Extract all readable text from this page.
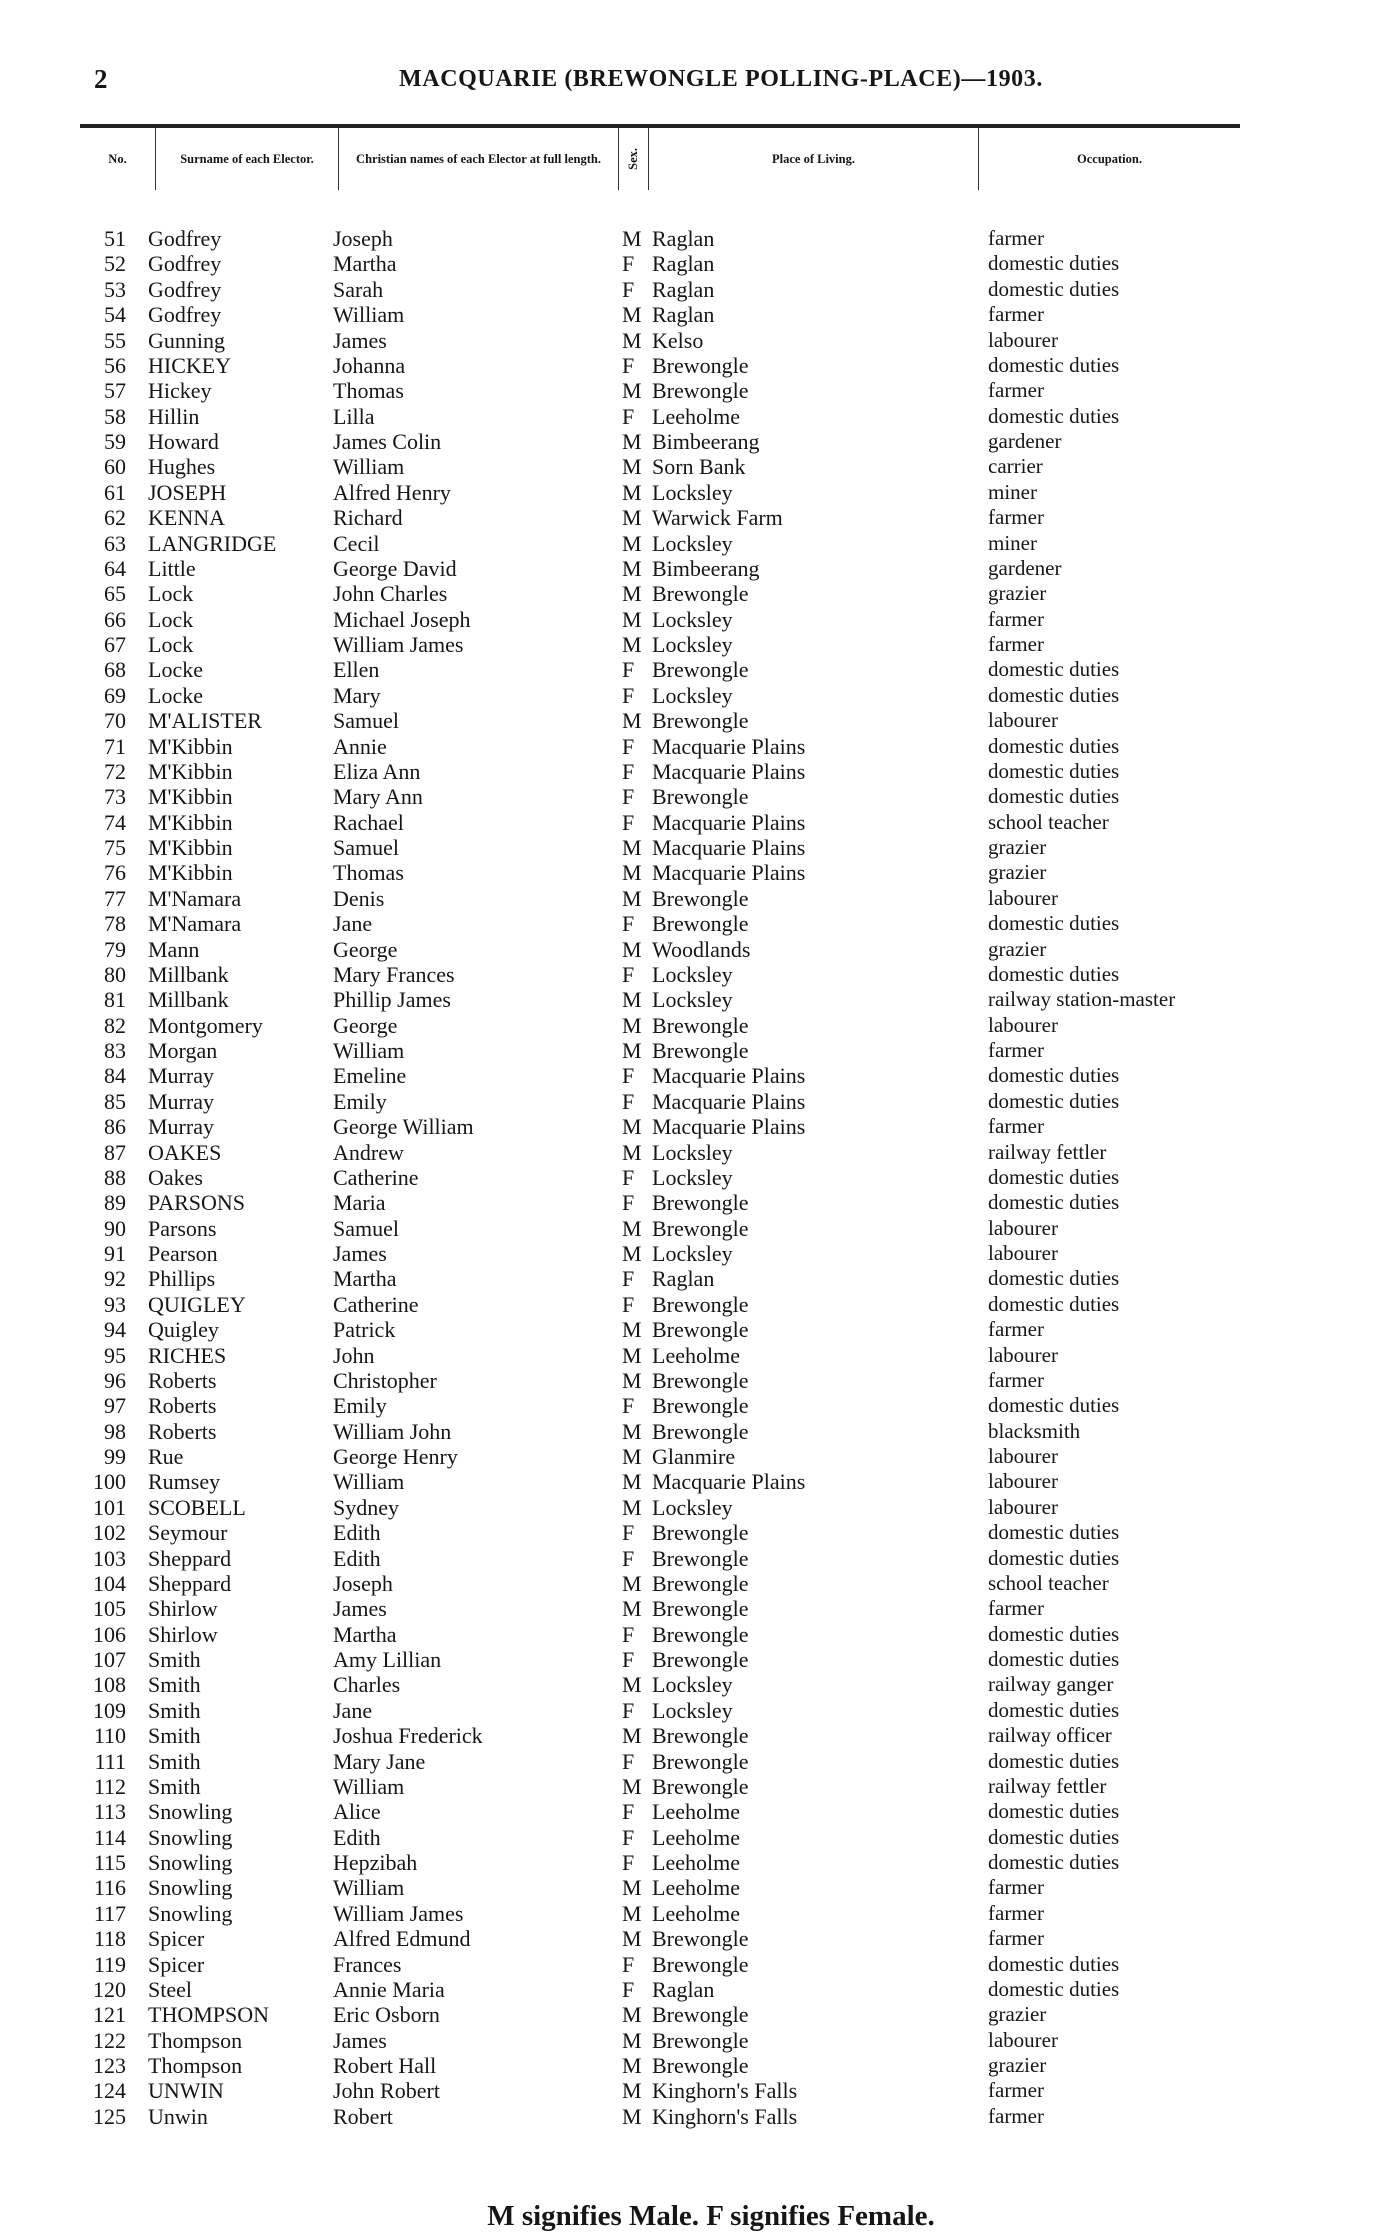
2	MACQUARIE (BREWONGLE POLLING-PLACE)—1903.
No.	Surname of each Elector.	Christian names of each Elector at full length.	Sex.	Place of Living.	Occupation.
51 Godfrey	Joseph	M Raglan	farmer
52 Godfrey	Martha	F Raglan	domestic duties
53 Godfrey	Sarah	F Raglan	domestic duties
54 Godfrey	William	M Raglan	farmer
55 Gunning	James	M Kelso	labourer
56 HICKEY	Johanna	F Brewongle	domestic duties
57 Hickey	Thomas	M Brewongle	farmer
58 Hillin	Lilla	F Leeholme	domestic duties
59 Howard	James Colin	M Bimbeerang	gardener
60 Hughes	William	M Sorn Bank	carrier
61 JOSEPH	Alfred Henry	M Locksley	miner
62 KENNA	Richard	M Warwick Farm	farmer
63 LANGRIDGE	Cecil	M Locksley	miner
64 Little	George David	M Bimbeerang	gardener
65 Lock	John Charles	M Brewongle	grazier
66 Lock	Michael Joseph	M Locksley	farmer
67 Lock	William James	M Locksley	farmer
68 Locke	Ellen	F Brewongle	domestic duties
69 Locke	Mary	F Locksley	domestic duties
70 M'ALISTER	Samuel	M Brewongle	labourer
71 M'Kibbin	Annie	F Macquarie Plains	domestic duties
72 M'Kibbin	Eliza Ann	F Macquarie Plains	domestic duties
73 M'Kibbin	Mary Ann	F Brewongle	domestic duties
74 M'Kibbin	Rachael	F Macquarie Plains	school teacher
75 M'Kibbin	Samuel	M Macquarie Plains	grazier
76 M'Kibbin	Thomas	M Macquarie Plains	grazier
77 M'Namara	Denis	M Brewongle	labourer
78 M'Namara	Jane	F Brewongle	domestic duties
79 Mann	George	M Woodlands	grazier
80 Millbank	Mary Frances	F Locksley	domestic duties
81 Millbank	Phillip James	M Locksley	railway station-master
82 Montgomery	George	M Brewongle	labourer
83 Morgan	William	M Brewongle	farmer
84 Murray	Emeline	F Macquarie Plains	domestic duties
85 Murray	Emily	F Macquarie Plains	domestic duties
86 Murray	George William	M Macquarie Plains	farmer
87 OAKES	Andrew	M Locksley	railway fettler
88 Oakes	Catherine	F Locksley	domestic duties
89 PARSONS	Maria	F Brewongle	domestic duties
90 Parsons	Samuel	M Brewongle	labourer
91 Pearson	James	M Locksley	labourer
92 Phillips	Martha	F Raglan	domestic duties
93 QUIGLEY	Catherine	F Brewongle	domestic duties
94 Quigley	Patrick	M Brewongle	farmer
95 RICHES	John	M Leeholme	labourer
96 Roberts	Christopher	M Brewongle	farmer
97 Roberts	Emily	F Brewongle	domestic duties
98 Roberts	William John	M Brewongle	blacksmith
99 Rue	George Henry	M Glanmire	labourer
100 Rumsey	William	M Macquarie Plains	labourer
101 SCOBELL	Sydney	M Locksley	labourer
102 Seymour	Edith	F Brewongle	domestic duties
103 Sheppard	Edith	F Brewongle	domestic duties
104 Sheppard	Joseph	M Brewongle	school teacher
105 Shirlow	James	M Brewongle	farmer
106 Shirlow	Martha	F Brewongle	domestic duties
107 Smith	Amy Lillian	F Brewongle	domestic duties
108 Smith	Charles	M Locksley	railway ganger
109 Smith	Jane	F Locksley	domestic duties
110 Smith	Joshua Frederick	M Brewongle	railway officer
111 Smith	Mary Jane	F Brewongle	domestic duties
112 Smith	William	M Brewongle	railway fettler
113 Snowling	Alice	F Leeholme	domestic duties
114 Snowling	Edith	F Leeholme	domestic duties
115 Snowling	Hepzibah	F Leeholme	domestic duties
116 Snowling	William	M Leeholme	farmer
117 Snowling	William James	M Leeholme	farmer
118 Spicer	Alfred Edmund	M Brewongle	farmer
119 Spicer	Frances	F Brewongle	domestic duties
120 Steel	Annie Maria	F Raglan	domestic duties
121 THOMPSON	Eric Osborn	M Brewongle	grazier
122 Thompson	James	M Brewongle	labourer
123 Thompson	Robert Hall	M Brewongle	grazier
124 UNWIN	John Robert	M Kinghorn's Falls	farmer
125 Unwin	Robert	M Kinghorn's Falls	farmer
M signifies Male. F signifies Female.
